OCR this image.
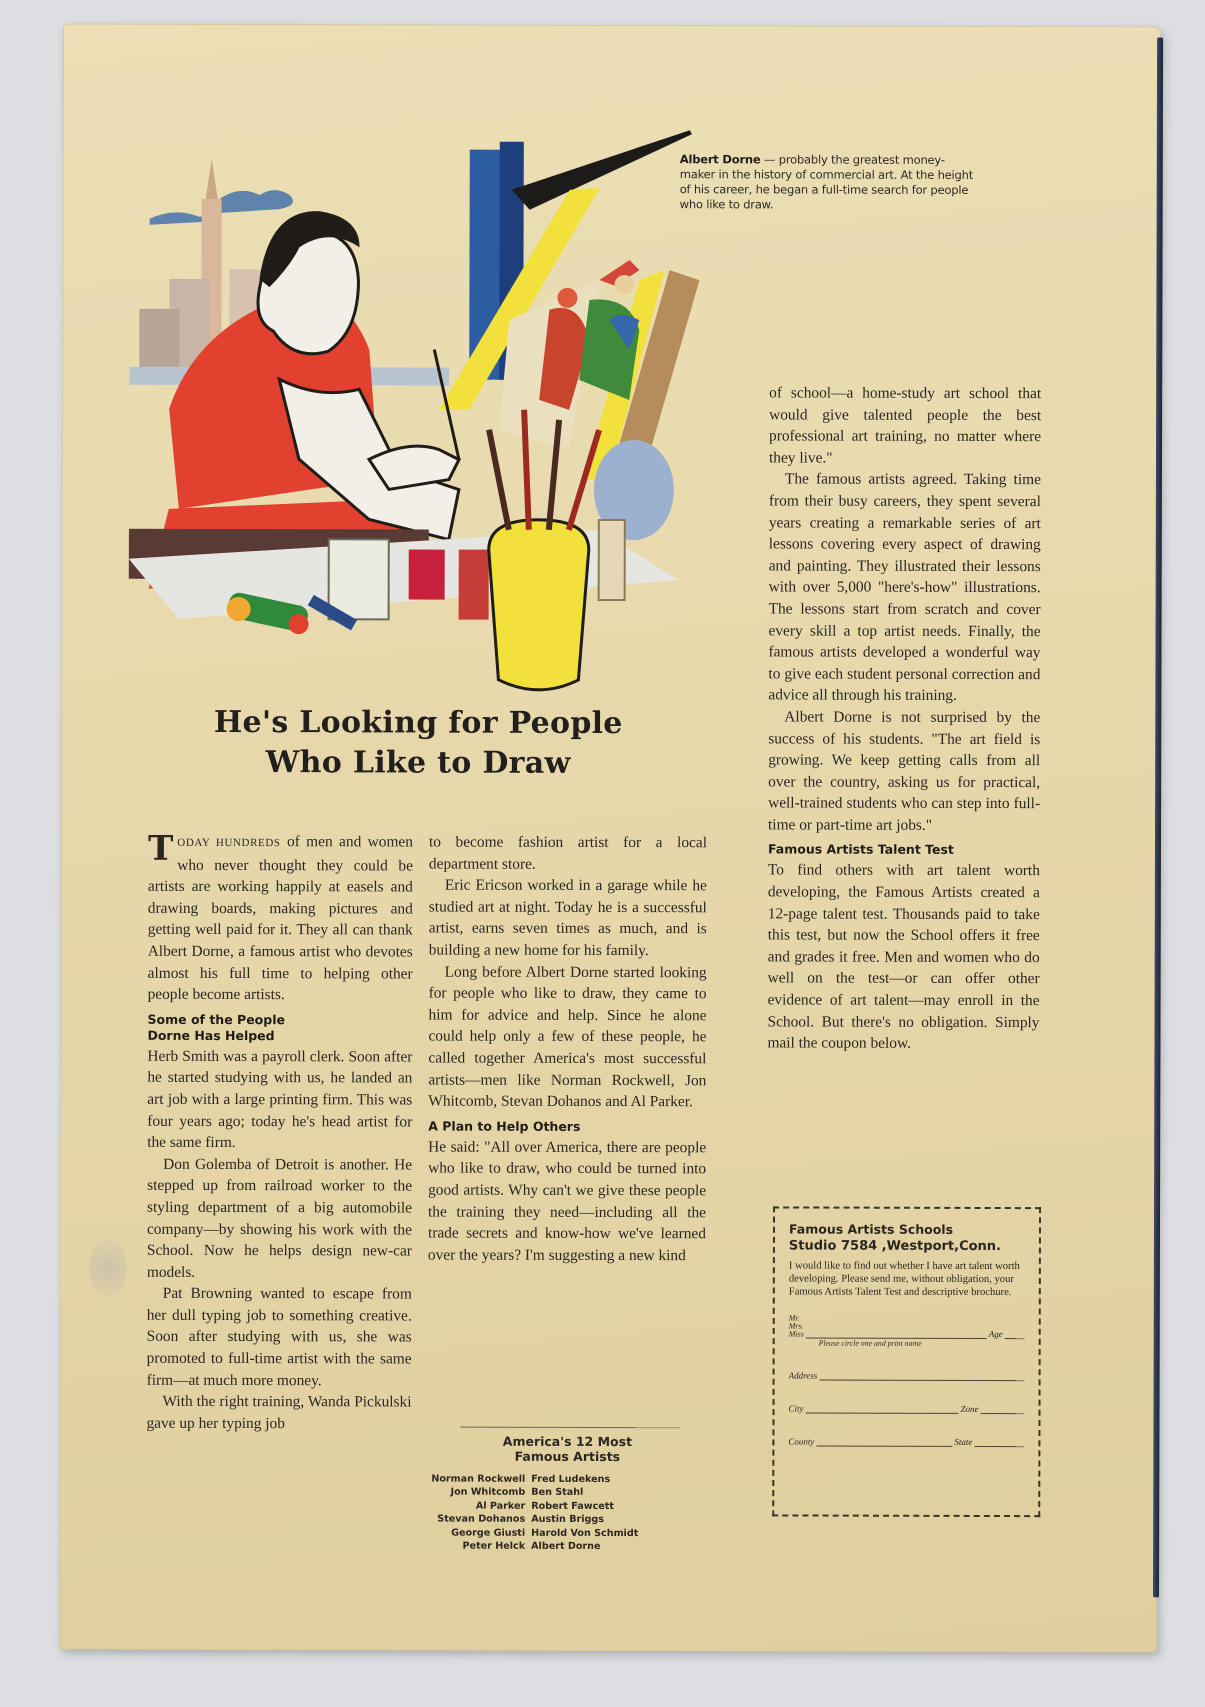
Albert Dorne — probably the greatest money-maker in the history of commercial art. At the height of his career, he began a full-time search for people who like to draw.
He's Looking for People
Who Like to Draw

TODAY HUNDREDS of men and women who never thought they could be artists are working happily at easels and drawing boards, making pictures and getting well paid for it. They all can thank Albert Dorne, a famous artist who devotes almost his full time to helping other people become artists.

Some of the People
Dorne Has Helped

Herb Smith was a payroll clerk. Soon after he started studying with us, he landed an art job with a large printing firm. This was four years ago; today he's head artist for the same firm.

Don Golemba of Detroit is another. He stepped up from railroad worker to the styling department of a big automobile company—by showing his work with the School. Now he helps design new-car models.

Pat Browning wanted to escape from her dull typing job to something creative. Soon after studying with us, she was promoted to full-time artist with the same firm—at much more money.

With the right training, Wanda Pickulski gave up her typing job

to become fashion artist for a local department store.

Eric Ericson worked in a garage while he studied art at night. Today he is a successful artist, earns seven times as much, and is building a new home for his family.

Long before Albert Dorne started looking for people who like to draw, they came to him for advice and help. Since he alone could help only a few of these people, he called together America's most successful artists—men like Norman Rockwell, Jon Whitcomb, Stevan Dohanos and Al Parker.

A Plan to Help Others

He said: "All over America, there are people who like to draw, who could be turned into good artists. Why can't we give these people the training they need—including all the trade secrets and know-how we've learned over the years? I'm suggesting a new kind

America's 12 Most
Famous Artists
Norman Rockwell	Fred Ludekens
Jon Whitcomb	Ben Stahl
Al Parker	Robert Fawcett
Stevan Dohanos	Austin Briggs
George Giusti	Harold Von Schmidt
Peter Helck	Albert Dorne

of school—a home-study art school that would give talented people the best professional art training, no matter where they live."

The famous artists agreed. Taking time from their busy careers, they spent several years creating a remarkable series of art lessons covering every aspect of drawing and painting. They illustrated their lessons with over 5,000 "here's-how" illustrations. The lessons start from scratch and cover every skill a top artist needs. Finally, the famous artists developed a wonderful way to give each student personal correction and advice all through his training.

Albert Dorne is not surprised by the success of his students. "The art field is growing. We keep getting calls from all over the country, asking us for practical, well-trained students who can step into full-time or part-time art jobs."

Famous Artists Talent Test

To find others with art talent worth developing, the Famous Artists created a 12-page talent test. Thousands paid to take this test, but now the School offers it free and grades it free. Men and women who do well on the test—or can offer other evidence of art talent—may enroll in the School. But there's no obligation. Simply mail the coupon below.

Famous Artists Schools
Studio 7584 ,Westport,Conn.
I would like to find out whether I have art talent worth developing. Please send me, without obligation, your Famous Artists Talent Test and descriptive brochure.
Mr.
Mrs.
Miss	Age
Please circle one and print name
Address
City	Zone
County	State
